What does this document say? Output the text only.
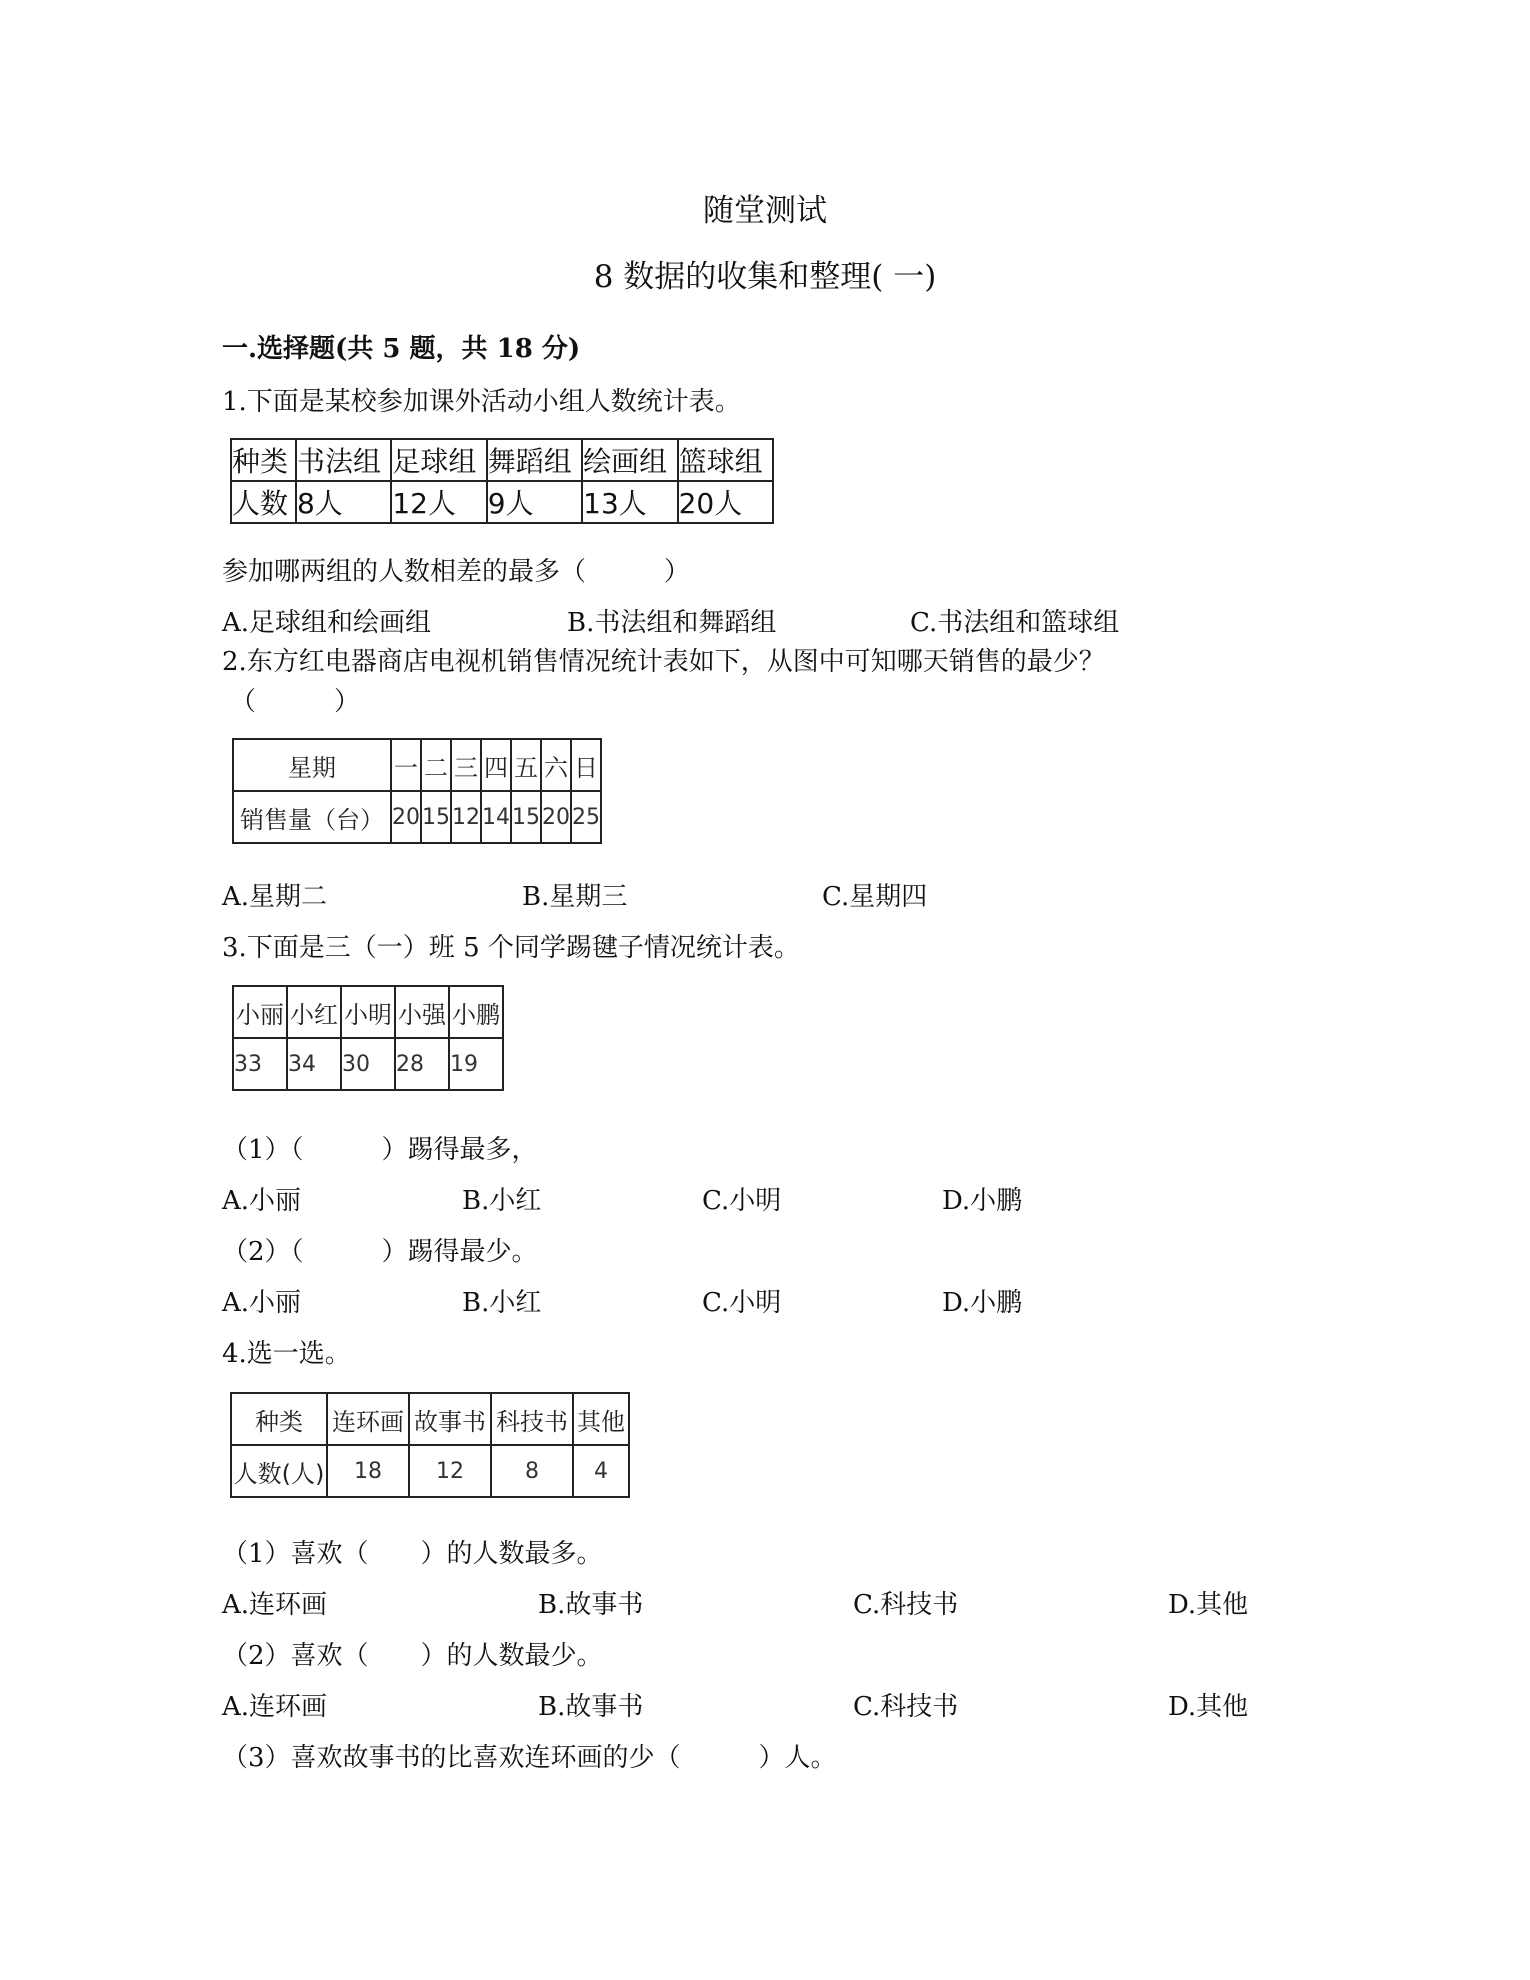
随堂测试
8 数据的收集和整理( 一)
一.选择题(共 5 题，共 18 分)
1.下面是某校参加课外活动小组人数统计表。
种类	书法组	足球组	舞蹈组	绘画组	篮球组
人数	8人	12人	9人	13人	20人
参加哪两组的人数相差的最多（　　　）
A.足球组和绘画组	B.书法组和舞蹈组	C.书法组和篮球组
2.东方红电器商店电视机销售情况统计表如下，从图中可知哪天销售的最少？
（　　　）
星期	一	二	三	四	五	六	日
销售量（台）	20	15	12	14	15	20	25
A.星期二	B.星期三	C.星期四
3.下面是三（一）班 5 个同学踢毽子情况统计表。
小丽	小红	小明	小强	小鹏
33	34	30	28	19
（1）（　　　）踢得最多，
A.小丽	B.小红	C.小明	D.小鹏
（2）（　　　）踢得最少。
A.小丽	B.小红	C.小明	D.小鹏
4.选一选。
种类	连环画	故事书	科技书	其他
人数(人)	18	12	8	4
（1）喜欢（　　）的人数最多。
A.连环画	B.故事书	C.科技书	D.其他
（2）喜欢（　　）的人数最少。
A.连环画	B.故事书	C.科技书	D.其他
（3）喜欢故事书的比喜欢连环画的少（　　　）人。
